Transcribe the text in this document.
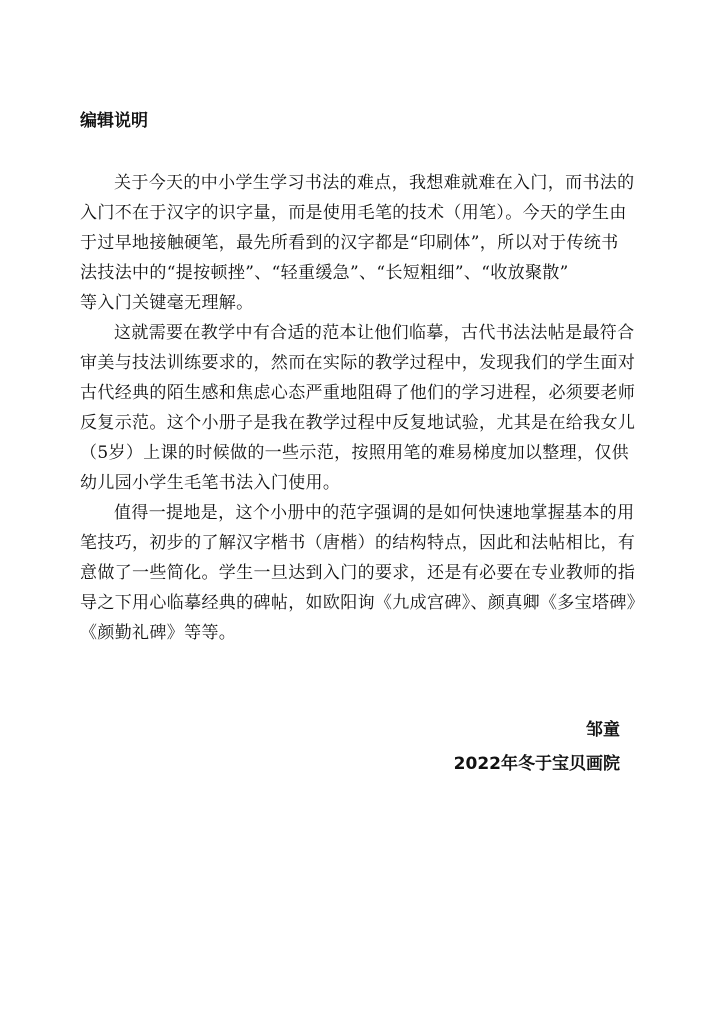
编辑说明

关于今天的中小学生学习书法的难点，我想难就难在入门，而书法的
入门不在于汉字的识字量，而是使用毛笔的技术（用笔）。今天的学生由
于过早地接触硬笔，最先所看到的汉字都是“印刷体”，所以对于传统书
法技法中的“提按顿挫”、“轻重缓急”、“长短粗细”、“收放聚散”
等入门关键毫无理解。

这就需要在教学中有合适的范本让他们临摹，古代书法法帖是最符合
审美与技法训练要求的，然而在实际的教学过程中，发现我们的学生面对
古代经典的陌生感和焦虑心态严重地阻碍了他们的学习进程，必须要老师
反复示范。这个小册子是我在教学过程中反复地试验，尤其是在给我女儿
（5岁）上课的时候做的一些示范，按照用笔的难易梯度加以整理，仅供
幼儿园小学生毛笔书法入门使用。

值得一提地是，这个小册中的范字强调的是如何快速地掌握基本的用
笔技巧，初步的了解汉字楷书（唐楷）的结构特点，因此和法帖相比，有
意做了一些简化。学生一旦达到入门的要求，还是有必要在专业教师的指
导之下用心临摹经典的碑帖，如欧阳询《九成宫碑》、颜真卿《多宝塔碑》
《颜勤礼碑》等等。

邹童
2022年冬于宝贝画院
